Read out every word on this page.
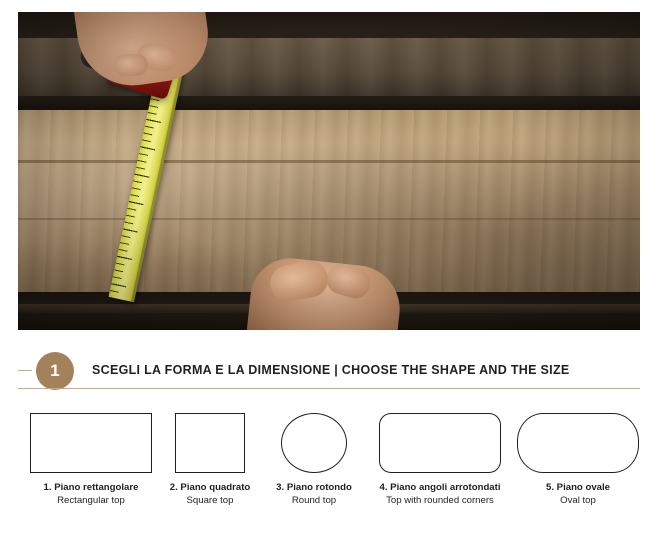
1	SCEGLI LA FORMA E LA DIMENSIONE | CHOOSE THE SHAPE AND THE SIZE
1. Piano rettangolare
Rectangular top
2. Piano quadrato
Square top
3. Piano rotondo
Round top
4. Piano angoli arrotondati
Top with rounded corners
5. Piano ovale
Oval top
